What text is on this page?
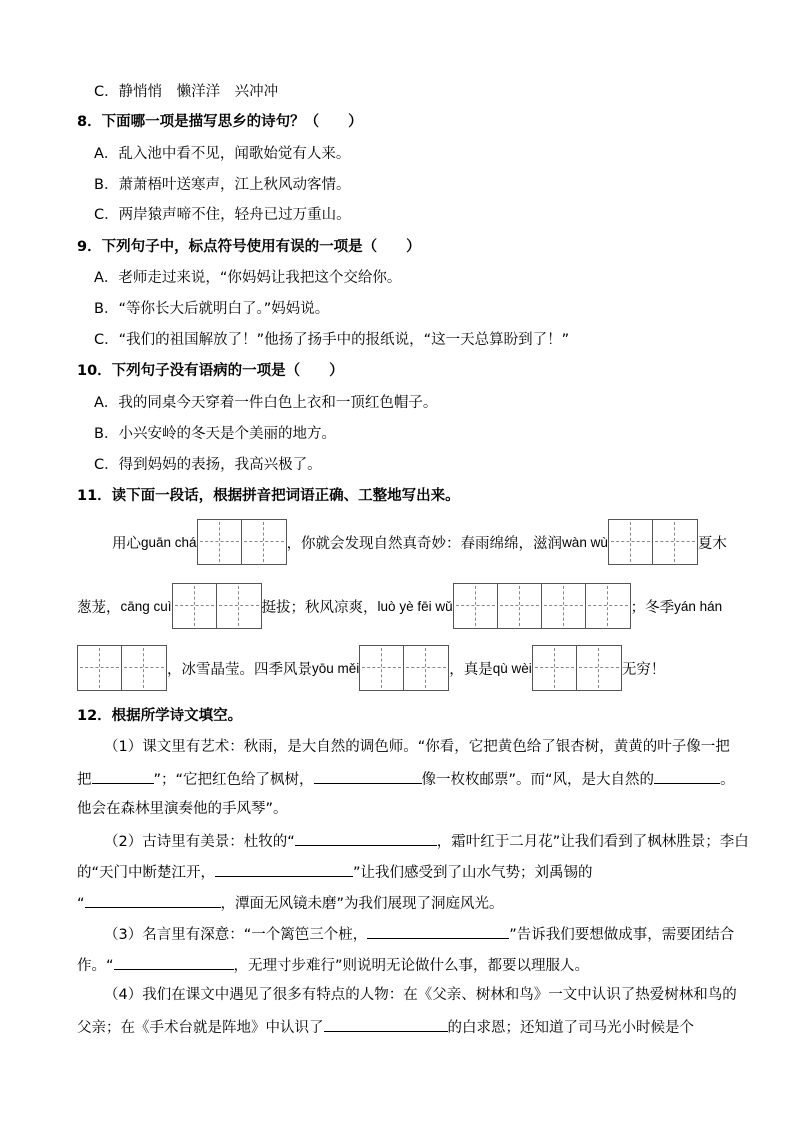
C．静悄悄　懒洋洋　兴冲冲
8．下面哪一项是描写思乡的诗句？（　　）
A．乱入池中看不见，闻歌始觉有人来。
B．萧萧梧叶送寒声，江上秋风动客情。
C．两岸猿声啼不住，轻舟已过万重山。
9．下列句子中，标点符号使用有误的一项是（　　）
A．老师走过来说，“你妈妈让我把这个交给你。
B．“等你长大后就明白了。”妈妈说。
C．“我们的祖国解放了！”他扬了扬手中的报纸说，“这一天总算盼到了！”
10．下列句子没有语病的一项是（　　）
A．我的同桌今天穿着一件白色上衣和一顶红色帽子。
B．小兴安岭的冬天是个美丽的地方。
C．得到妈妈的表扬，我高兴极了。
11．读下面一段话，根据拼音把词语正确、工整地写出来。
用心 guān chá	，你就会发现自然真奇妙：春雨绵绵，滋润 wàn wù	夏木
葱茏， cāng cuì	挺拔；秋风凉爽， luò yè fēi wǔ	；冬季 yán hán
，冰雪晶莹。四季风景 yōu měi	，真是 qù wèi	无穷！
12．根据所学诗文填空。
（1）课文里有艺术：秋雨，是大自然的调色师。“你看，它把黄色给了银杏树，黄黄的叶子像一把
把	”；“它把红色给了枫树，	像一枚枚邮票”。而“风，是大自然的	。
他会在森林里演奏他的手风琴”。
（2）古诗里有美景：杜牧的“	，霜叶红于二月花”让我们看到了枫林胜景；李白
的“天门中断楚江开，	”让我们感受到了山水气势；刘禹锡的
“	，潭面无风镜未磨”为我们展现了洞庭风光。
（3）名言里有深意：“一个篱笆三个桩，	”告诉我们要想做成事，需要团结合
作。“	，无理寸步难行”则说明无论做什么事，都要以理服人。
（4）我们在课文中遇见了很多有特点的人物：在《父亲、树林和鸟》一文中认识了热爱树林和鸟的
父亲；在《手术台就是阵地》中认识了	的白求恩；还知道了司马光小时候是个
